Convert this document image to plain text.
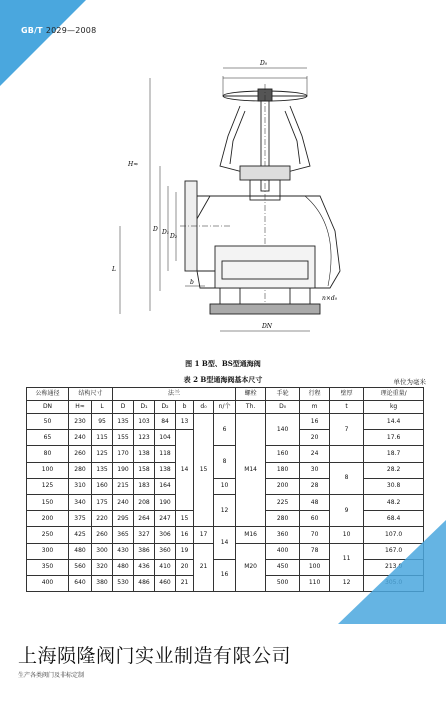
GB/T 2029—2008
D₀
H≈
D D₁
D₂
L
b
DN
n×d₀
图 1 B型、BS型通海阀
表 2 B型通海阀基本尺寸	单位为毫米
公称通径	结构尺寸		法兰						螺栓	手轮	行程	壁厚	理论重量/
DN	H≈	L	D	D₁	D₂	b	d₀	n/个	Th.	D₀	m	t	kg
50	230	95	135	103	84	13	15	6	M14	140	16	7	14.4
65	240	115	155	123	104	14					20		17.6
80	260	125	170	138	118			8		160	24		18.7
100	280	135	190	158	138					180	30	8	28.2
125	310	160	215	183	164			10		200	28		30.8
150	340	175	240	208	190			12		225	48	9	48.2
200	375	220	295	264	247	15				280	60		68.4
250	425	260	365	327	306	16	17	14	M16	360	70	10	107.0
300	480	300	430	386	360	19	21		M20	400	78	11	167.0
350	560	320	480	436	410	20		16		450	100		213.0
400	640	380	530	486	460	21				500	110	12	305.0
上海陨隆阀门实业制造有限公司
生产各类阀门及非标定制
